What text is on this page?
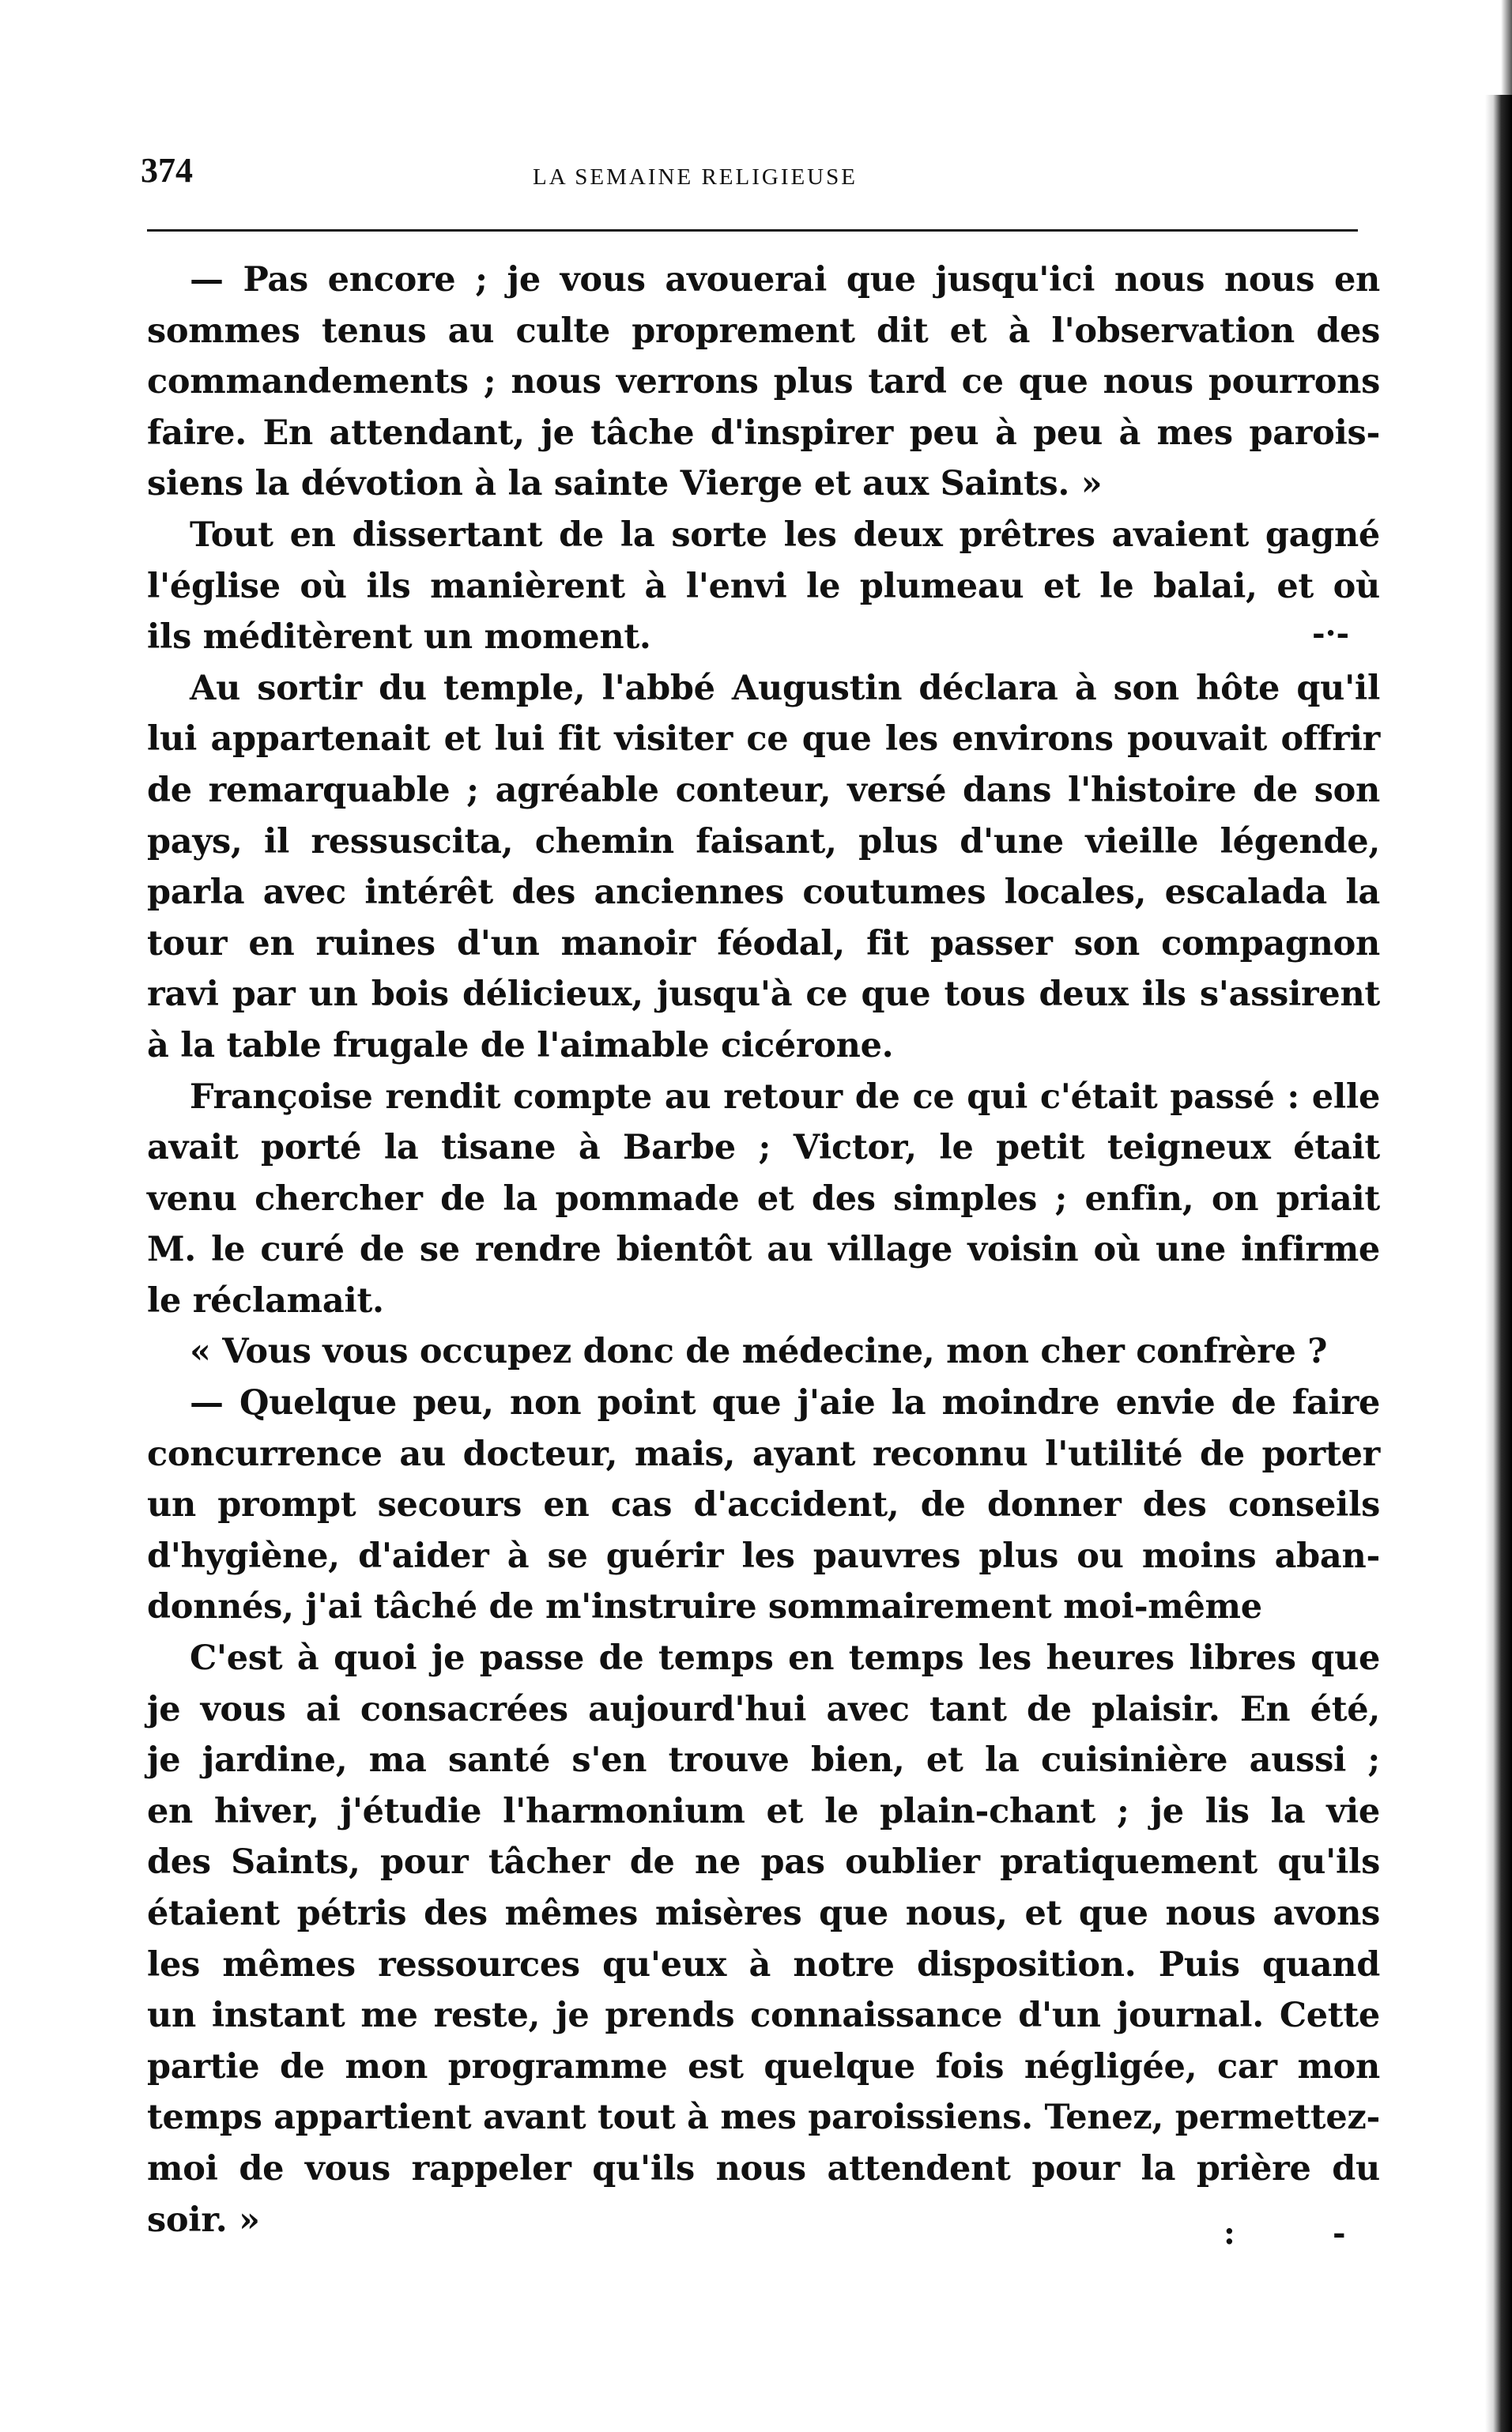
374	LA SEMAINE RELIGIEUSE
— Pas encore ; je vous avouerai que jusqu'ici nous nous en
sommes tenus au culte proprement dit et à l'observation des
commandements ; nous verrons plus tard ce que nous pourrons
faire. En attendant, je tâche d'inspirer peu à peu à mes parois-
siens la dévotion à la sainte Vierge et aux Saints. »
Tout en dissertant de la sorte les deux prêtres avaient gagné
l'église où ils manièrent à l'envi le plumeau et le balai, et où
ils méditèrent un moment.
Au sortir du temple, l'abbé Augustin déclara à son hôte qu'il
lui appartenait et lui fit visiter ce que les environs pouvait offrir
de remarquable ; agréable conteur, versé dans l'histoire de son
pays, il ressuscita, chemin faisant, plus d'une vieille légende,
parla avec intérêt des anciennes coutumes locales, escalada la
tour en ruines d'un manoir féodal, fit passer son compagnon
ravi par un bois délicieux, jusqu'à ce que tous deux ils s'assirent
à la table frugale de l'aimable cicérone.
Françoise rendit compte au retour de ce qui c'était passé : elle
avait porté la tisane à Barbe ; Victor, le petit teigneux était
venu chercher de la pommade et des simples ; enfin, on priait
M. le curé de se rendre bientôt au village voisin où une infirme
le réclamait.
« Vous vous occupez donc de médecine, mon cher confrère ?
— Quelque peu, non point que j'aie la moindre envie de faire
concurrence au docteur, mais, ayant reconnu l'utilité de porter
un prompt secours en cas d'accident, de donner des conseils
d'hygiène, d'aider à se guérir les pauvres plus ou moins aban-
donnés, j'ai tâché de m'instruire sommairement moi-même
C'est à quoi je passe de temps en temps les heures libres que
je vous ai consacrées aujourd'hui avec tant de plaisir. En été,
je jardine, ma santé s'en trouve bien, et la cuisinière aussi ;
en hiver, j'étudie l'harmonium et le plain-chant ; je lis la vie
des Saints, pour tâcher de ne pas oublier pratiquement qu'ils
étaient pétris des mêmes misères que nous, et que nous avons
les mêmes ressources qu'eux à notre disposition. Puis quand
un instant me reste, je prends connaissance d'un journal. Cette
partie de mon programme est quelque fois négligée, car mon
temps appartient avant tout à mes paroissiens. Tenez, permettez-
moi de vous rappeler qu'ils nous attendent pour la prière du
soir. »
-·-
:	-
